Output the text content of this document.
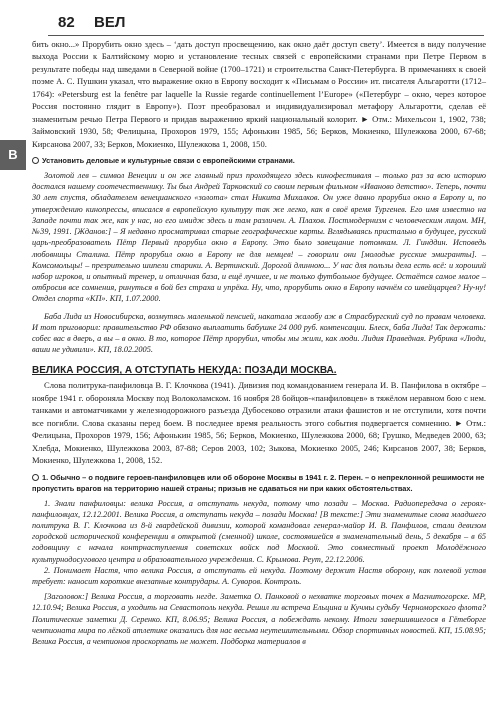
82 ВЕЛ
В

бить окно...» Прорубить окно здесь – ‘дать доступ просвещению, как окно даёт доступ свету’. Имеется в виду получение выхода России к Балтийскому морю и установление тесных связей с европейскими странами при Петре Первом в результате победы над шведами в Северной войне (1700–1721) и строительства Санкт-Петербурга. В примечаниях к своей поэме А. С. Пушкин указал, что выражение окно в Европу восходит к «Письмам о России» ит. писателя Альгаротти (1712–1764): «Petersburg est la fenêtre par laquelle la Russie regarde continuellement l’Europe» («Петербург – окно, через которое Россия постоянно глядит в Европу»). Поэт преобразовал и индивидуализировал метафору Альгаротти, сделав её знаменитым речью Петра Первого и придав выражению яркий национальный колорит. ► Отм.: Михельсон 1, 1902, 738; Займовский 1930, 58; Фелицына, Прохоров 1979, 155; Афонькин 1985, 56; Берков, Мокиенко, Шулежкова 2000, 67-68; Кирсанова 2007, 33; Берков, Мокиенко, Шулежкова 1, 2008, 150.

Установить деловые и культурные связи с европейскими странами.

Золотой лев – символ Венеции и он же главный приз проходящего здесь кинофестиваля – только раз за всю историю достался нашему соотечественнику. Ты был Андрей Тарковский со своим первым фильмом «Иваново детство». Теперь, почти 30 лет спустя, обладателем венецианского «золота» стал Никита Михалков. Он уже давно прорубил окно в Европу и, по утверждению кинопрессы, вписался в европейскую культуру так же легко, как в своё время Тургенев. Его имя известно на Западе почти так же, как у нас, но его имидж здесь и там различен. А. Плахов. Постмодернизм с человеческим лицом. МН, №39, 1991. [Жданов:] – Я недавно просматривал старые географические карты. Вглядываясь пристально в будущее, русский царь-преобразователь Пётр Первый прорубил окно в Европу. Это было завещание потомкам. Л. Гинддин. Исповедь любовницы Сталина. Пётр прорубил окно в Европу не для немцев! – говорили они [молодые русские эмигранты]. – Комсомольцы! – презрительно шипели старики. А. Вертинский. Дорогой длинною... У нас для пользы дела есть всё: и хороший набор игроков, и опытный тренер, и отличная база, и ещё лучшее, и не только футбольное будущее. Остаётся самое малое – отбросив все сомнения, ринуться в бой без страха и упрёка. Ну, что, прорубить окно в Европу начнём со швейцарцев? Ну-ну! Отдел спорта «КП». КП, 1.07.2000.

Баба Лида из Новосибирска, возмутясь маленькой пенсией, накатала жалобу аж в Страсбургский суд по правам человека. И тот приговорил: правительство РФ обязано выплатить бабушке 24 000 руб. компенсации. Блеск, баба Лида! Так держать: собес вас в дверь, а вы – в окно. В то, которое Пётр прорубил, чтобы мы жили, как люди. Лидия Праведная. Рубрика «Люди, ваши не удивили». КП, 18.02.2005.

ВЕЛИКА РОССИЯ, А ОТСТУПАТЬ НЕКУДА: ПОЗАДИ МОСКВА.

Слова политрука-панфиловца В. Г. Клочкова (1941). Дивизия под командованием генерала И. В. Панфилова в октябре – ноябре 1941 г. обороняла Москву под Волоколамском. 16 ноября 28 бойцов-«панфиловцев» в тяжёлом неравном бою с нем. танками и автоматчиками у железнодорожного разъезда Дубосеково отразили атаки фашистов и не отступили, хотя почти все погибли. Слова сказаны перед боем. В последнее время реальность этого события подвергается сомнению. ► Отм.: Фелицына, Прохоров 1979, 156; Афонькин 1985, 56; Берков, Мокиенко, Шулежкова 2000, 68; Грушко, Медведев 2000, 63; Хлебда, Мокиенко, Шулежкова 2003, 87-88; Серов 2003, 102; Зыкова, Мокиенко 2005, 246; Кирсанов 2007, 38; Берков, Мокиенко, Шулежкова 1, 2008, 152.

1. Обычно – о подвиге героев-панфиловцев или об обороне Москвы в 1941 г. 2. Перен. – о непреклонной решимости не пропустить врагов на территорию нашей страны; призыв не сдаваться ни при каких обстоятельствах.

1. Знали панфиловцы: велика Россия, а отступать некуда, потому что позади – Москва. Радиопередача о героях-панфиловцах, 12.12.2001. Велика Россия, а отступать некуда – позади Москва! [В тексте:] Эти знаменитые слова младшего политрука В. Г. Клочкова из 8-й гвардейской дивизии, которой командовал генерал-майор И. В. Панфилов, стали девизом городской исторической конференции в открытой (сменной) школе, состоявшейся в знаменательный день, 5 декабря – в 65 годовщину с начала контрнаступления советских войск под Москвой. Это совместный проект Молодёжного культурнодосугового центра и образовательного учреждения. С. Крымова. Реут, 22.12.2006.

2. Понимает Настя, что велика Россия, а отступать ей некуда. Поэтому держит Настя оборону, как полевой устав требует: наносит короткие внезапные контрудары. А. Суворов. Контроль.

[Заголовок:] Велика Россия, а торговать негде. Заметка О. Панковой о нехватке торговых точек в Магнитогорске. МР, 12.10.94; Велика Россия, а уходить на Севастополь некуда. Решил ли встреча Ельцина и Кучмы судьбу Черноморского флота? Политические заметки Д. Серенко. КП, 8.06.95; Велика Россия, а побеждать некому. Итоги завершившегося в Гётеборге чемпионата мира по лёгкой атлетике оказались для нас весьма неутешительными. Обзор спортивных новостей. КП, 15.08.95; Велика Россия, а чемпионов проскорпать не может. Подборка материалов в
